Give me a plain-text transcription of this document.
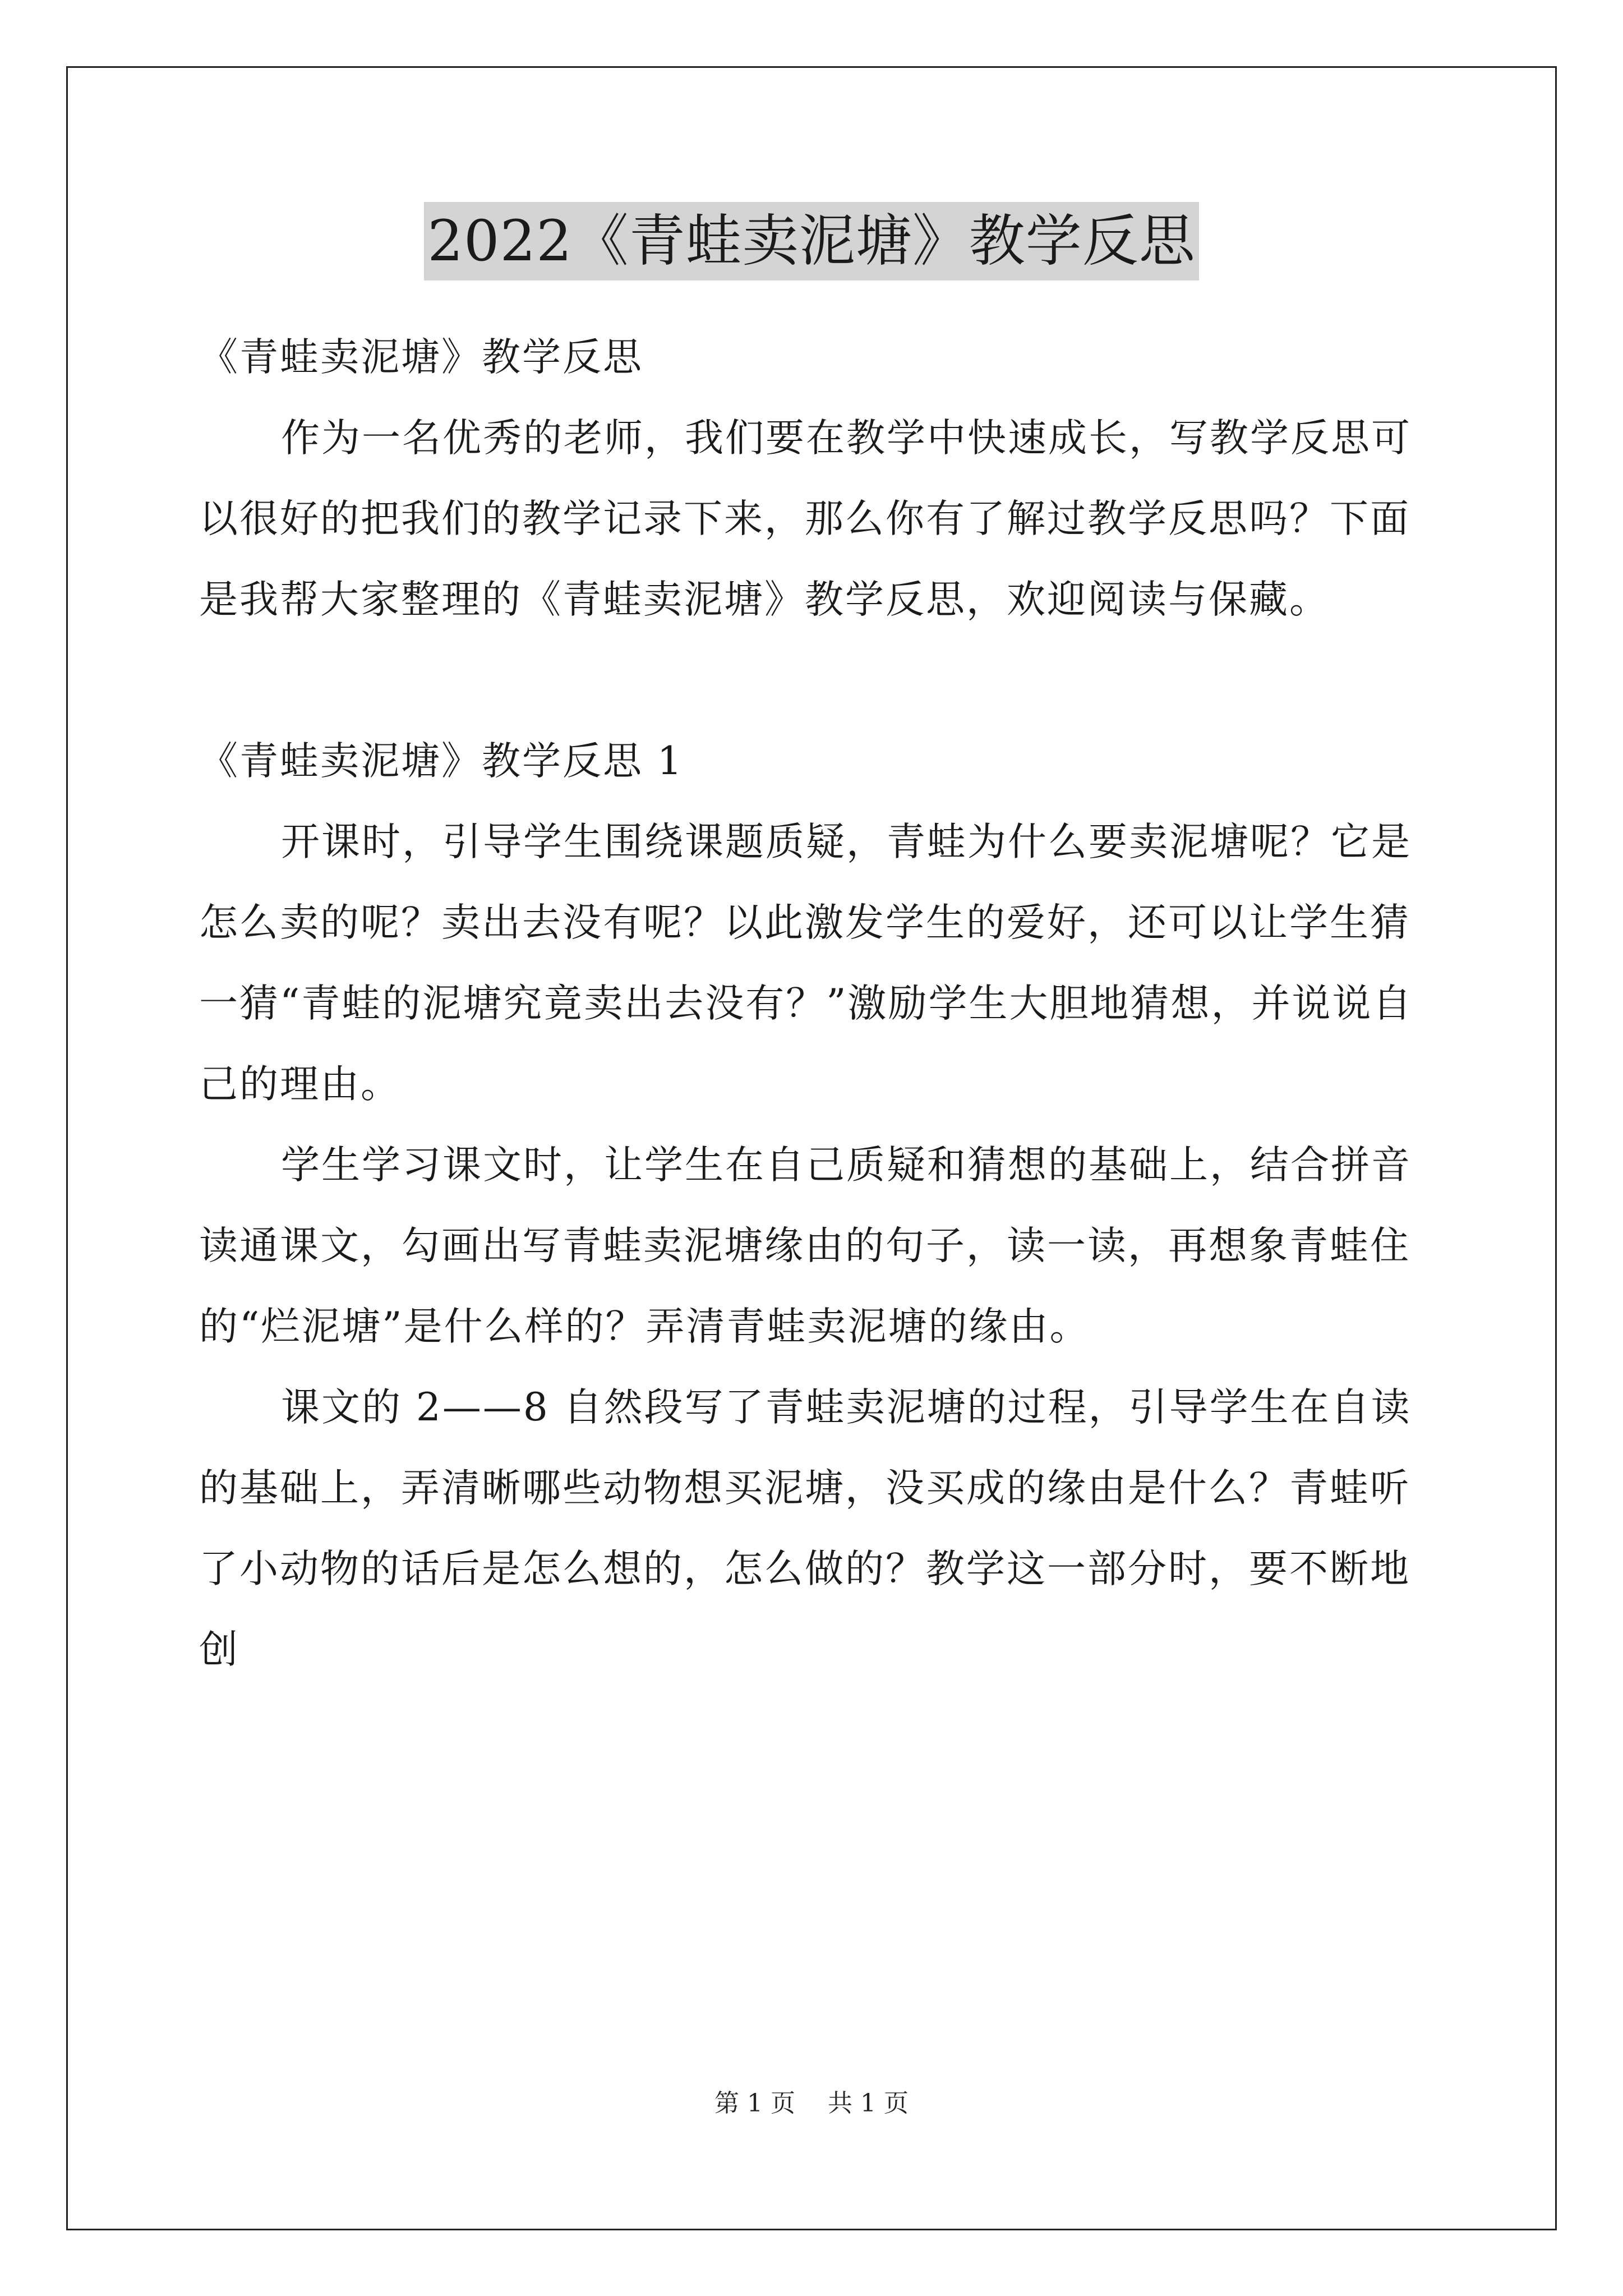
2022《青蛙卖泥塘》教学反思

《青蛙卖泥塘》教学反思

作为一名优秀的老师，我们要在教学中快速成长，写教学反思可以很好的把我们的教学记录下来，那么你有了解过教学反思吗？下面是我帮大家整理的《青蛙卖泥塘》教学反思，欢迎阅读与保藏。

《青蛙卖泥塘》教学反思 1

开课时，引导学生围绕课题质疑，青蛙为什么要卖泥塘呢？它是怎么卖的呢？卖出去没有呢？以此激发学生的爱好，还可以让学生猜一猜“青蛙的泥塘究竟卖出去没有？”激励学生大胆地猜想，并说说自己的理由。

学生学习课文时，让学生在自己质疑和猜想的基础上，结合拼音读通课文，勾画出写青蛙卖泥塘缘由的句子，读一读，再想象青蛙住的“烂泥塘”是什么样的？弄清青蛙卖泥塘的缘由。

课文的 2——8 自然段写了青蛙卖泥塘的过程，引导学生在自读的基础上，弄清晰哪些动物想买泥塘，没买成的缘由是什么？青蛙听了小动物的话后是怎么想的，怎么做的？教学这一部分时，要不断地创

第 1 页 共 1 页
